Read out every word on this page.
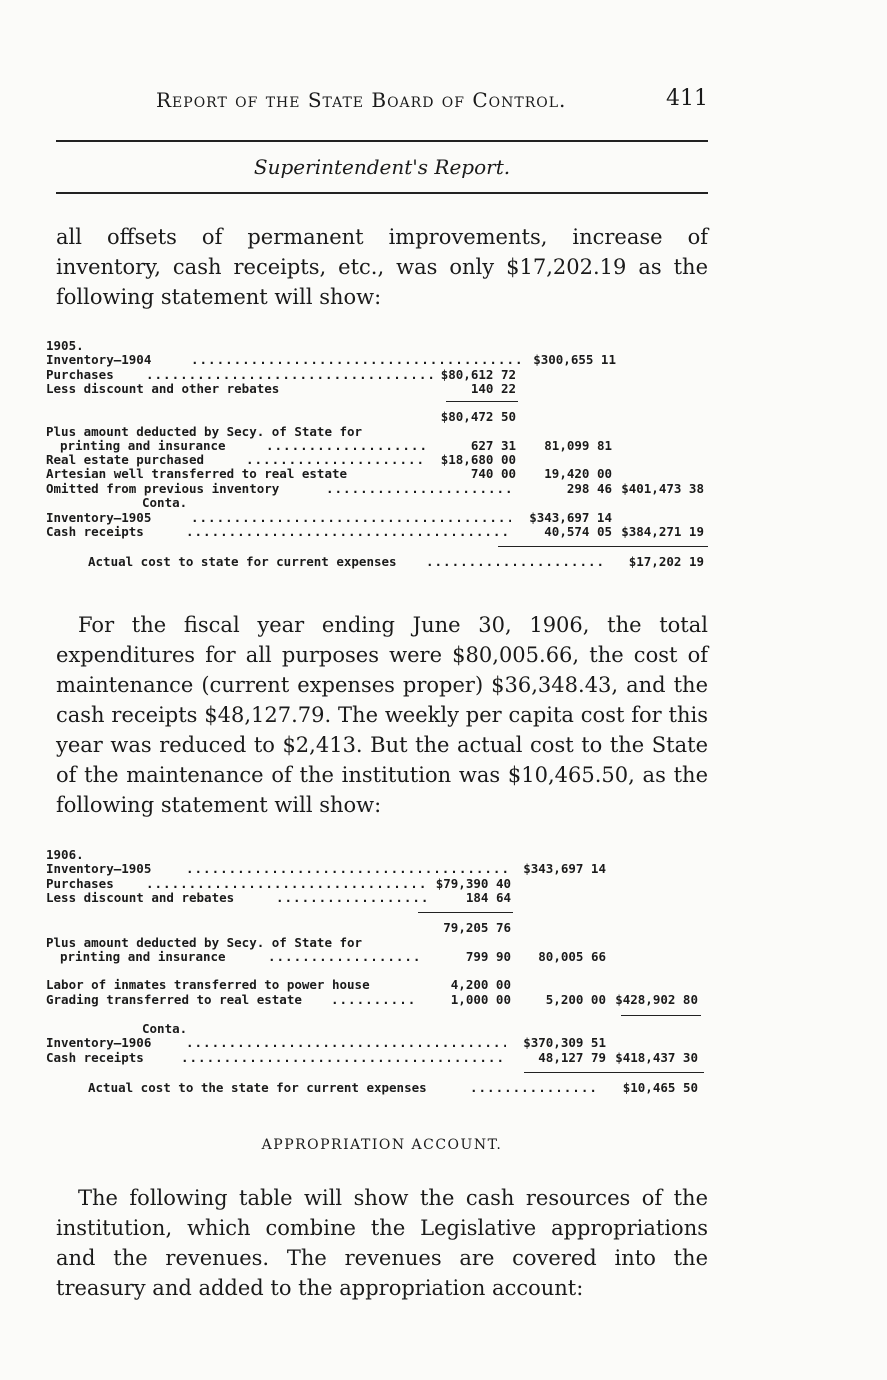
Report of the State Board of Control.	411
Superintendent's Report.

all offsets of permanent improvements, increase of inventory, cash receipts, etc., was only $17,202.19 as the following statement will show:

1905.
Inventory—1904 .....	$300,655 11
Purchases .....	$80,612 72
Less discount and other rebates	140 22
$80,472 50
Plus amount deducted by Secy. of State for
printing and insurance .....	627 31 81,099 81
Real estate purchased .....	$18,680 00
Artesian well transferred to real estate	740 00 19,420 00
Omitted from previous inventory .....	298 46 $401,473 38
Conta.
Inventory—1905 .....	$343,697 14
Cash receipts .....	40,574 05 $384,271 19
Actual cost to state for current expenses .....	$17,202 19

For the fiscal year ending June 30, 1906, the total expenditures for all purposes were $80,005.66, the cost of maintenance (current expenses proper) $36,348.43, and the cash receipts $48,127.79. The weekly per capita cost for this year was reduced to $2,413. But the actual cost to the State of the maintenance of the institution was $10,465.50, as the following statement will show:

1906.
Inventory—1905 .....	$343,697 14
Purchases .....	$79,390 40
Less discount and rebates .....	184 64
79,205 76
Plus amount deducted by Secy. of State for
printing and insurance .....	799 90 80,005 66
Labor of inmates transferred to power house	4,200 00
Grading transferred to real estate .....	1,000 00	5,200 00 $428,902 80
Conta.
Inventory—1906 .....	$370,309 51
Cash receipts .....	48,127 79 $418,437 30
Actual cost to the state for current expenses .....	$10,465 50
APPROPRIATION ACCOUNT.

The following table will show the cash resources of the institution, which combine the Legislative appropriations and the revenues. The revenues are covered into the treasury and added to the appropriation account:
